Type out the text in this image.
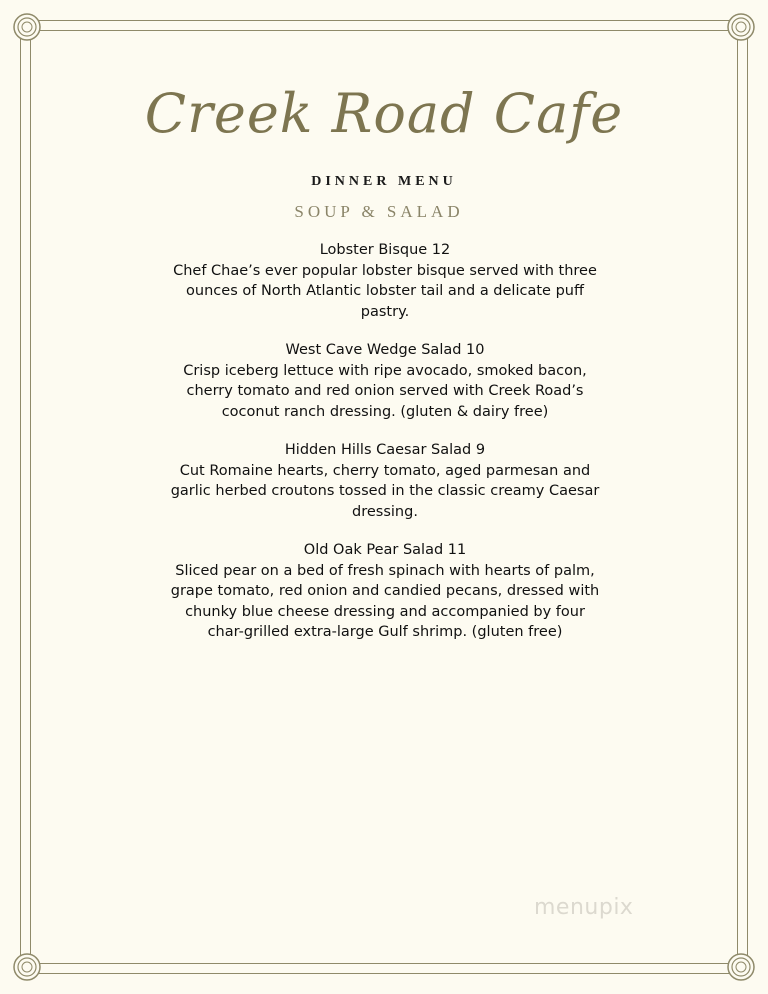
Creek Road Cafe
DINNER MENU
SOUP & SALAD
Lobster Bisque 12
Chef Chae’s ever popular lobster bisque served with three ounces of North Atlantic lobster tail and a delicate puff pastry.
West Cave Wedge Salad 10
Crisp iceberg lettuce with ripe avocado, smoked bacon, cherry tomato and red onion served with Creek Road’s coconut ranch dressing. (gluten & dairy free)
Hidden Hills Caesar Salad 9
Cut Romaine hearts, cherry tomato, aged parmesan and garlic herbed croutons tossed in the classic creamy Caesar dressing.
Old Oak Pear Salad 11
Sliced pear on a bed of fresh spinach with hearts of palm, grape tomato, red onion and candied pecans, dressed with chunky blue cheese dressing and accompanied by four char-grilled extra-large Gulf shrimp. (gluten free)
menupix
